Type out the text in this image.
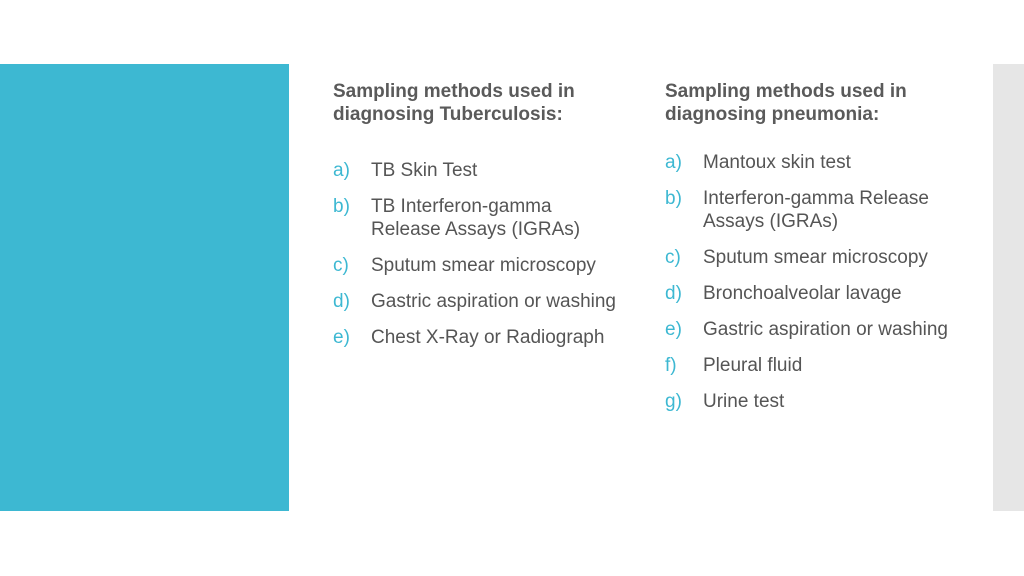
Sampling methods used in diagnosing Tuberculosis:
a)	TB Skin Test
b)	TB Interferon-gamma Release Assays (IGRAs)
c)	Sputum smear microscopy
d)	Gastric aspiration or washing
e)	Chest X-Ray or Radiograph
Sampling methods used in diagnosing pneumonia:
a)	Mantoux skin test
b)	Interferon-gamma Release Assays (IGRAs)
c)	Sputum smear microscopy
d)	Bronchoalveolar lavage
e)	Gastric aspiration or washing
f)	Pleural fluid
g)	Urine test
